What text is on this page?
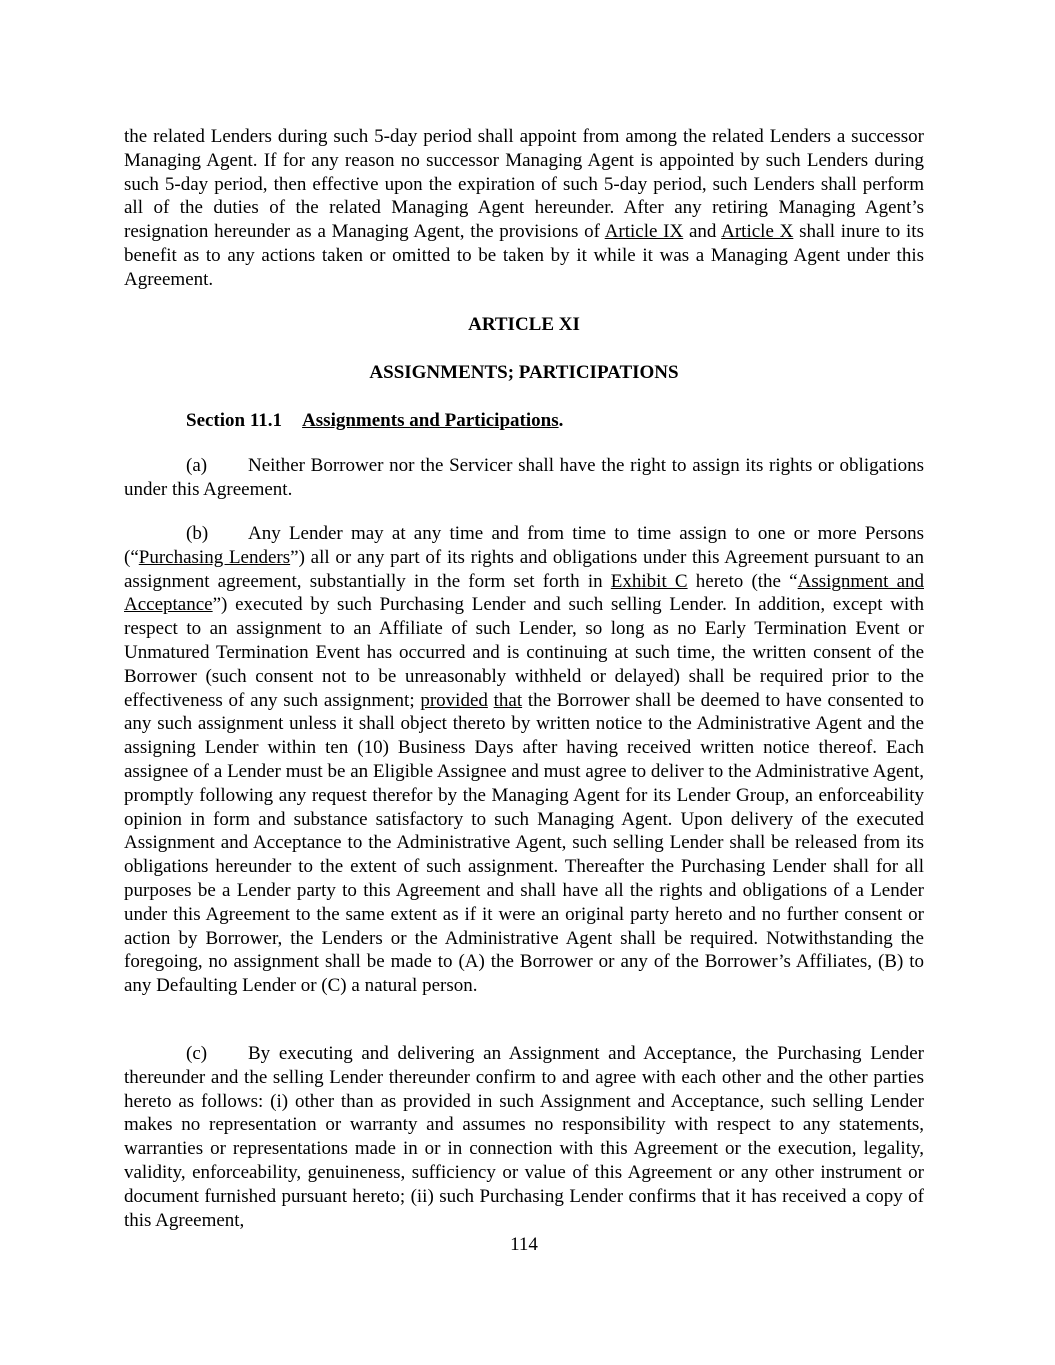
the related Lenders during such 5-day period shall appoint from among the related Lenders a successor Managing Agent. If for any reason no successor Managing Agent is appointed by such Lenders during such 5-day period, then effective upon the expiration of such 5-day period, such Lenders shall perform all of the duties of the related Managing Agent hereunder. After any retiring Managing Agent’s resignation hereunder as a Managing Agent, the provisions of Article IX and Article X shall inure to its benefit as to any actions taken or omitted to be taken by it while it was a Managing Agent under this Agreement.

ARTICLE XI
ASSIGNMENTS; PARTICIPATIONS
Section 11.1 Assignments and Participations.

(a) Neither Borrower nor the Servicer shall have the right to assign its rights or obligations under this Agreement.

(b) Any Lender may at any time and from time to time assign to one or more Persons (“Purchasing Lenders”) all or any part of its rights and obligations under this Agreement pursuant to an assignment agreement, substantially in the form set forth in Exhibit C hereto (the “Assignment and Acceptance”) executed by such Purchasing Lender and such selling Lender. In addition, except with respect to an assignment to an Affiliate of such Lender, so long as no Early Termination Event or Unmatured Termination Event has occurred and is continuing at such time, the written consent of the Borrower (such consent not to be unreasonably withheld or delayed) shall be required prior to the effectiveness of any such assignment; provided that the Borrower shall be deemed to have consented to any such assignment unless it shall object thereto by written notice to the Administrative Agent and the assigning Lender within ten (10) Business Days after having received written notice thereof. Each assignee of a Lender must be an Eligible Assignee and must agree to deliver to the Administrative Agent, promptly following any request therefor by the Managing Agent for its Lender Group, an enforceability opinion in form and substance satisfactory to such Managing Agent. Upon delivery of the executed Assignment and Acceptance to the Administrative Agent, such selling Lender shall be released from its obligations hereunder to the extent of such assignment. Thereafter the Purchasing Lender shall for all purposes be a Lender party to this Agreement and shall have all the rights and obligations of a Lender under this Agreement to the same extent as if it were an original party hereto and no further consent or action by Borrower, the Lenders or the Administrative Agent shall be required. Notwithstanding the foregoing, no assignment shall be made to (A) the Borrower or any of the Borrower’s Affiliates, (B) to any Defaulting Lender or (C) a natural person.

(c) By executing and delivering an Assignment and Acceptance, the Purchasing Lender thereunder and the selling Lender thereunder confirm to and agree with each other and the other parties hereto as follows: (i) other than as provided in such Assignment and Acceptance, such selling Lender makes no representation or warranty and assumes no responsibility with respect to any statements, warranties or representations made in or in connection with this Agreement or the execution, legality, validity, enforceability, genuineness, sufficiency or value of this Agreement or any other instrument or document furnished pursuant hereto; (ii) such Purchasing Lender confirms that it has received a copy of this Agreement,

114
